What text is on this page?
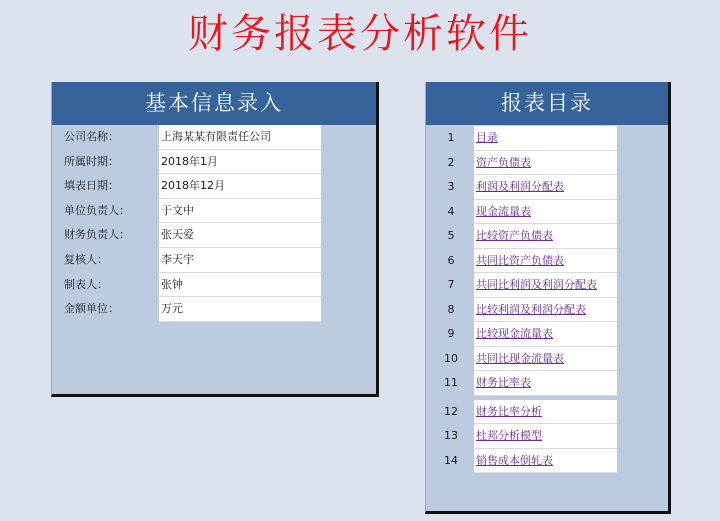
财务报表分析软件
基本信息录入
公司名称：	上海某某有限责任公司
所属时期：	2018年1月
填表日期：	2018年12月
单位负责人：	于文中
财务负责人：	张天爱
复核人：	李天宇
制表人：	张钟
金额单位：	万元
报表目录
1	目录
2	资产负债表
3	利润及利润分配表
4	现金流量表
5	比较资产负债表
6	共同比资产负债表
7	共同比利润及利润分配表
8	比较利润及利润分配表
9	比较现金流量表
10	共同比现金流量表
11	财务比率表
12	财务比率分析
13	杜邦分析模型
14	销售成本倒轧表
